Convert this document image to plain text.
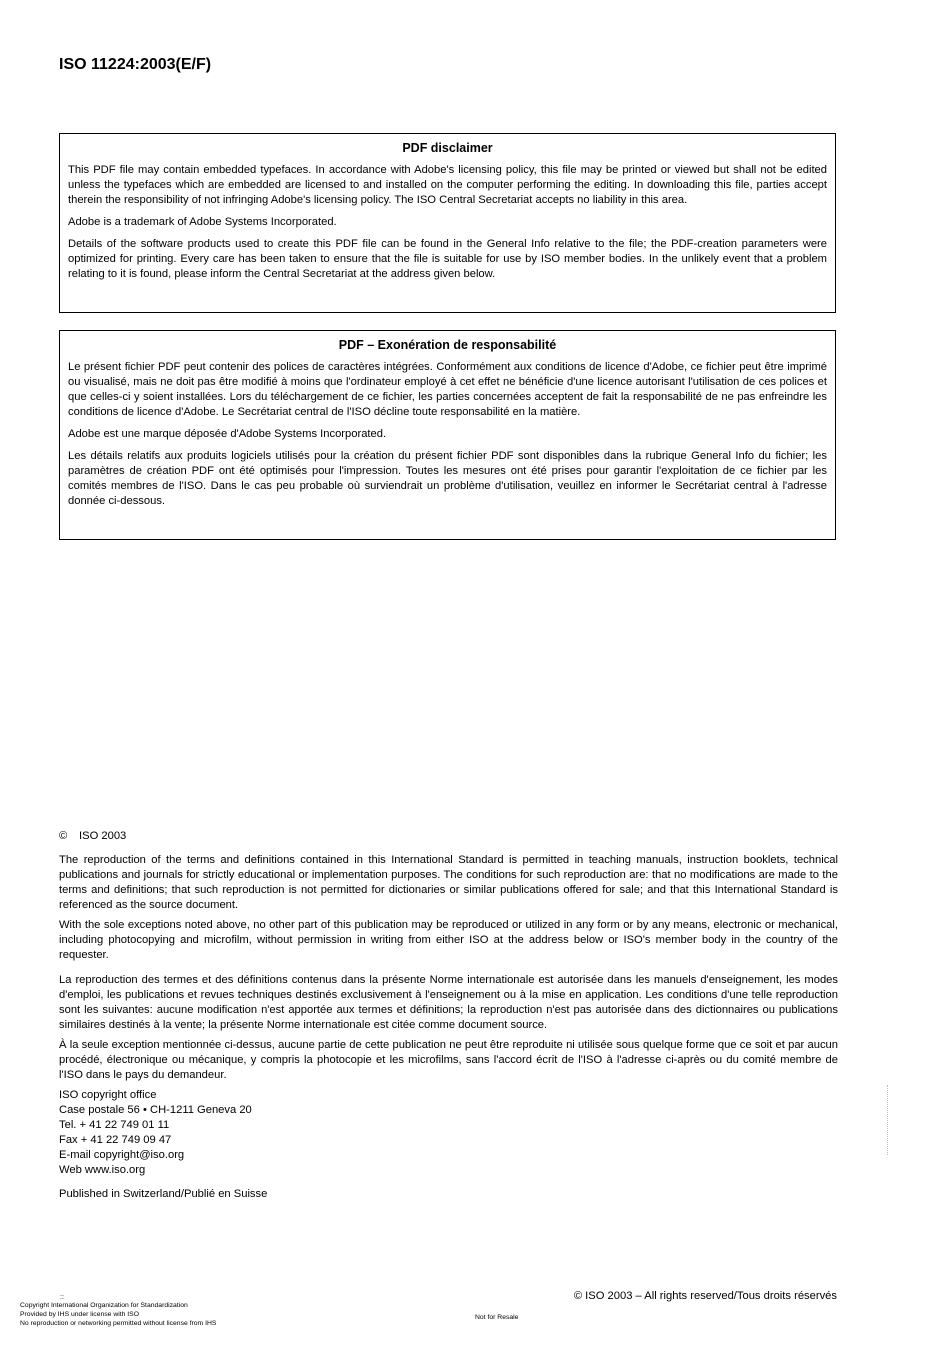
ISO 11224:2003(E/F)
PDF disclaimer

This PDF file may contain embedded typefaces. In accordance with Adobe's licensing policy, this file may be printed or viewed but shall not be edited unless the typefaces which are embedded are licensed to and installed on the computer performing the editing. In downloading this file, parties accept therein the responsibility of not infringing Adobe's licensing policy. The ISO Central Secretariat accepts no liability in this area.

Adobe is a trademark of Adobe Systems Incorporated.

Details of the software products used to create this PDF file can be found in the General Info relative to the file; the PDF-creation parameters were optimized for printing. Every care has been taken to ensure that the file is suitable for use by ISO member bodies. In the unlikely event that a problem relating to it is found, please inform the Central Secretariat at the address given below.

PDF – Exonération de responsabilité

Le présent fichier PDF peut contenir des polices de caractères intégrées. Conformément aux conditions de licence d'Adobe, ce fichier peut être imprimé ou visualisé, mais ne doit pas être modifié à moins que l'ordinateur employé à cet effet ne bénéficie d'une licence autorisant l'utilisation de ces polices et que celles-ci y soient installées. Lors du téléchargement de ce fichier, les parties concernées acceptent de fait la responsabilité de ne pas enfreindre les conditions de licence d'Adobe. Le Secrétariat central de l'ISO décline toute responsabilité en la matière.

Adobe est une marque déposée d'Adobe Systems Incorporated.

Les détails relatifs aux produits logiciels utilisés pour la création du présent fichier PDF sont disponibles dans la rubrique General Info du fichier; les paramètres de création PDF ont été optimisés pour l'impression. Toutes les mesures ont été prises pour garantir l'exploitation de ce fichier par les comités membres de l'ISO. Dans le cas peu probable où surviendrait un problème d'utilisation, veuillez en informer le Secrétariat central à l'adresse donnée ci-dessous.

© ISO 2003

The reproduction of the terms and definitions contained in this International Standard is permitted in teaching manuals, instruction booklets, technical publications and journals for strictly educational or implementation purposes. The conditions for such reproduction are: that no modifications are made to the terms and definitions; that such reproduction is not permitted for dictionaries or similar publications offered for sale; and that this International Standard is referenced as the source document.

With the sole exceptions noted above, no other part of this publication may be reproduced or utilized in any form or by any means, electronic or mechanical, including photocopying and microfilm, without permission in writing from either ISO at the address below or ISO's member body in the country of the requester.

La reproduction des termes et des définitions contenus dans la présente Norme internationale est autorisée dans les manuels d'enseignement, les modes d'emploi, les publications et revues techniques destinés exclusivement à l'enseignement ou à la mise en application. Les conditions d'une telle reproduction sont les suivantes: aucune modification n'est apportée aux termes et définitions; la reproduction n'est pas autorisée dans des dictionnaires ou publications similaires destinés à la vente; la présente Norme internationale est citée comme document source.

À la seule exception mentionnée ci-dessus, aucune partie de cette publication ne peut être reproduite ni utilisée sous quelque forme que ce soit et par aucun procédé, électronique ou mécanique, y compris la photocopie et les microfilms, sans l'accord écrit de l'ISO à l'adresse ci-après ou du comité membre de l'ISO dans le pays du demandeur.

ISO copyright office

Case postale 56 • CH-1211 Geneva 20

Tel. + 41 22 749 01 11

Fax + 41 22 749 09 47

E-mail copyright@iso.org

Web www.iso.org

Published in Switzerland/Publié en Suisse

::
Copyright International Organization for Standardization
Provided by IHS under license with ISO
No reproduction or networking permitted without license from IHS
Not for Resale
© ISO 2003 – All rights reserved/Tous droits réservés
